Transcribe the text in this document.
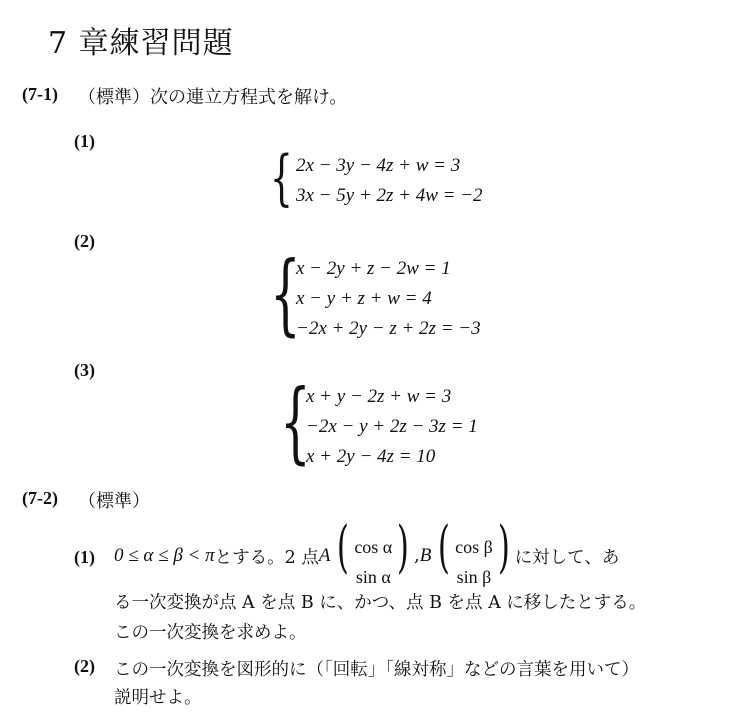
7 章練習問題
(7-1) （標準）次の連立方程式を解け。
(1)
{ 2x − 3y − 4z + w = 3
3x − 5y + 2z + 4w = −2
(2)
{
x − 2y + z − 2w = 1
x − y + z + w = 4
−2x + 2y − z + 2z = −3
(3) {
x + y − 2z + w = 3
−2x − y + 2z − 3z = 1
x + 2y − 4z = 10
(7-2) （標準）
(1) 0 ≤ α ≤ β < π とする。2 点 A ( cos α
sin α ) , B ( cos β
sin β ) に対して、あ
る一次変換が点 A を点 B に、かつ、点 B を点 A に移したとする。
この一次変換を求めよ。
(2) この一次変換を図形的に（「回転」「線対称」などの言葉を用いて）
説明せよ。
